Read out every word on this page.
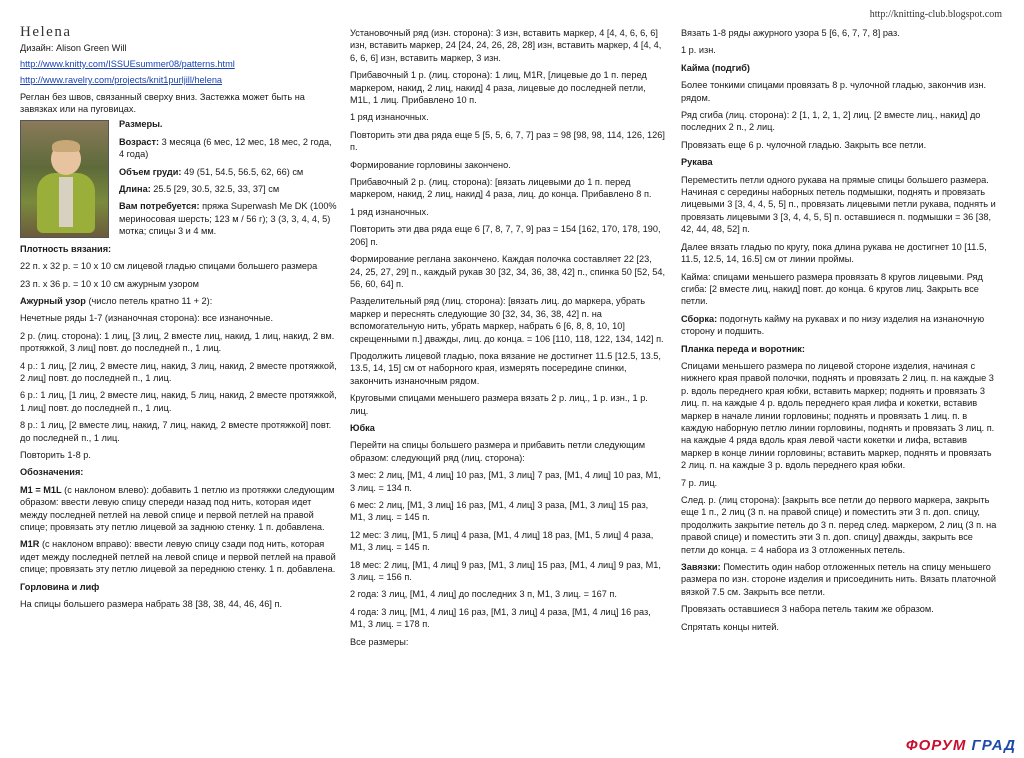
http://knitting-club.blogspot.com
Helena

Дизайн: Alison Green Will

http://www.knitty.com/ISSUEsummer08/patterns.html
http://www.ravelry.com/projects/knit1purljill/helena

Реглан без швов, связанный сверху вниз. Застежка может быть на завязках или на пуговицах.

Размеры.

Возраст: 3 месяца (6 мес, 12 мес, 18 мес, 2 года, 4 года)

Объем груди: 49 (51, 54.5, 56.5, 62, 66) см

Длина: 25.5 [29, 30.5, 32.5, 33, 37] см

Вам потребуется: пряжа Superwash Me DK (100% мериносовая шерсть; 123 м / 56 г); 3 (3, 3, 4, 4, 5) мотка; спицы 3 и 4 мм.

Плотность вязания:

22 п. х 32 р. = 10 х 10 см лицевой гладью спицами большего размера

23 п. х 36 р. = 10 х 10 см ажурным узором

Ажурный узор (число петель кратно 11 + 2):

Нечетные ряды 1-7 (изнаночная сторона): все изнаночные.

2 р. (лиц. сторона): 1 лиц, [3 лиц, 2 вместе лиц, накид, 1 лиц, накид, 2 вм. протяжкой, 3 лиц] повт. до последней п., 1 лиц.

4 р.: 1 лиц, [2 лиц, 2 вместе лиц, накид, 3 лиц, накид, 2 вместе протяжкой, 2 лиц] повт. до последней п., 1 лиц.

6 р.: 1 лиц, [1 лиц, 2 вместе лиц, накид, 5 лиц, накид, 2 вместе протяжкой, 1 лиц] повт. до последней п., 1 лиц.

8 р.: 1 лиц, [2 вместе лиц, накид, 7 лиц, накид, 2 вместе протяжкой] повт. до последней п., 1 лиц.

Повторить 1-8 р.

Обозначения:

M1 = M1L (с наклоном влево): добавить 1 петлю из протяжки следующим образом: ввести левую спицу спереди назад под нить, которая идет между последней петлей на левой спице и первой петлей на правой спице; провязать эту петлю лицевой за заднюю стенку. 1 п. добавлена.

M1R (с наклоном вправо): ввести левую спицу сзади под нить, которая идет между последней петлей на левой спице и первой петлей на правой спице; провязать эту петлю лицевой за переднюю стенку. 1 п. добавлена.

Горловина и лиф

На спицы большего размера набрать 38 [38, 38, 44, 46, 46] п.

Установочный ряд (изн. сторона): 3 изн, вставить маркер, 4 [4, 4, 6, 6, 6] изн, вставить маркер, 24 [24, 24, 26, 28, 28] изн, вставить маркер, 4 [4, 4, 6, 6, 6] изн, вставить маркер, 3 изн.

Прибавочный 1 р. (лиц. сторона): 1 лиц, M1R, [лицевые до 1 п. перед маркером, накид, 2 лиц, накид] 4 раза, лицевые до последней петли, M1L, 1 лиц. Прибавлено 10 п.

1 ряд изнаночных.

Повторить эти два ряда еще 5 [5, 5, 6, 7, 7] раз = 98 [98, 98, 114, 126, 126] п.

Формирование горловины закончено.

Прибавочный 2 р. (лиц. сторона): [вязать лицевыми до 1 п. перед маркером, накид, 2 лиц, накид] 4 раза, лиц. до конца. Прибавлено 8 п.

1 ряд изнаночных.

Повторить эти два ряда еще 6 [7, 8, 7, 7, 9] раз = 154 [162, 170, 178, 190, 206] п.

Формирование реглана закончено. Каждая полочка составляет 22 [23, 24, 25, 27, 29] п., каждый рукав 30 [32, 34, 36, 38, 42] п., спинка 50 [52, 54, 56, 60, 64] п.

Разделительный ряд (лиц. сторона): [вязать лиц. до маркера, убрать маркер и переснять следующие 30 [32, 34, 36, 38, 42] п. на вспомогательную нить, убрать маркер, набрать 6 [6, 8, 8, 10, 10] скрещенными п.] дважды, лиц. до конца. = 106 [110, 118, 122, 134, 142] п.

Продолжить лицевой гладью, пока вязание не достигнет 11.5 [12.5, 13.5, 13.5, 14, 15] см от наборного края, измерять посередине спинки, закончить изнаночным рядом.

Круговыми спицами меньшего размера вязать 2 р. лиц., 1 р. изн., 1 р. лиц.

Юбка

Перейти на спицы большего размера и прибавить петли следующим образом: следующий ряд (лиц. сторона):

3 мес: 2 лиц, [M1, 4 лиц] 10 раз, [M1, 3 лиц] 7 раз, [M1, 4 лиц] 10 раз, M1, 3 лиц. = 134 п.

6 мес: 2 лиц, [M1, 3 лиц] 16 раз, [M1, 4 лиц] 3 раза, [M1, 3 лиц] 15 раз, M1, 3 лиц. = 145 п.

12 мес: 3 лиц, [M1, 5 лиц] 4 раза, [M1, 4 лиц] 18 раз, [M1, 5 лиц] 4 раза, M1, 3 лиц. = 145 п.

18 мес: 2 лиц, [M1, 4 лиц] 9 раз, [M1, 3 лиц] 15 раз, [M1, 4 лиц] 9 раз, M1, 3 лиц. = 156 п.

2 года: 3 лиц, [M1, 4 лиц] до последних 3 п, M1, 3 лиц. = 167 п.

4 года: 3 лиц, [M1, 4 лиц] 16 раз, [M1, 3 лиц] 4 раза, [M1, 4 лиц] 16 раз, M1, 3 лиц. = 178 п.

Все размеры:

Вязать 1-8 ряды ажурного узора 5 [6, 6, 7, 7, 8] раз.

1 р. изн.

Кайма (подгиб)

Более тонкими спицами провязать 8 р. чулочной гладью, закончив изн. рядом.

Ряд сгиба (лиц. сторона): 2 [1, 1, 2, 1, 2] лиц. [2 вместе лиц., накид] до последних 2 п., 2 лиц.

Провязать еще 6 р. чулочной гладью. Закрыть все петли.

Рукава

Переместить петли одного рукава на прямые спицы большего размера. Начиная с середины наборных петель подмышки, поднять и провязать лицевыми 3 [3, 4, 4, 5, 5] п., провязать лицевыми петли рукава, поднять и провязать лицевыми 3 [3, 4, 4, 5, 5] п. оставшиеся п. подмышки = 36 [38, 42, 44, 48, 52] п.

Далее вязать гладью по кругу, пока длина рукава не достигнет 10 [11.5, 11.5, 12.5, 14, 16.5] см от линии проймы.

Кайма: спицами меньшего размера провязать 8 кругов лицевыми. Ряд сгиба: [2 вместе лиц, накид] повт. до конца. 6 кругов лиц. Закрыть все петли.

Сборка: подогнуть кайму на рукавах и по низу изделия на изнаночную сторону и подшить.

Планка переда и воротник:

Спицами меньшего размера по лицевой стороне изделия, начиная с нижнего края правой полочки, поднять и провязать 2 лиц. п. на каждые 3 р. вдоль переднего края юбки, вставить маркер; поднять и провязать 3 лиц. п. на каждые 4 р. вдоль переднего края лифа и кокетки, вставив маркер в начале линии горловины; поднять и провязать 1 лиц. п. в каждую наборную петлю линии горловины, поднять и провязать 3 лиц. п. на каждые 4 ряда вдоль края левой части кокетки и лифа, вставив маркер в конце линии горловины; вставить маркер, поднять и провязать 2 лиц. п. на каждые 3 р. вдоль переднего края юбки.

7 р. лиц.

След. р. (лиц сторона): [закрыть все петли до первого маркера, закрыть еще 1 п., 2 лиц (3 п. на правой спице) и поместить эти 3 п. доп. спицу, продолжить закрытие петель до 3 п. перед след. маркером, 2 лиц (3 п. на правой спице) и поместить эти 3 п. доп. спицу] дважды, закрыть все петли до конца. = 4 набора из 3 отложенных петель.

Завязки: Поместить один набор отложенных петель на спицу меньшего размера по изн. стороне изделия и присоединить нить. Вязать платочной вязкой 7.5 см. Закрыть все петли.

Провязать оставшиеся 3 набора петель таким же образом.

Спрятать концы нитей.

ФОРУМ ГРАД
